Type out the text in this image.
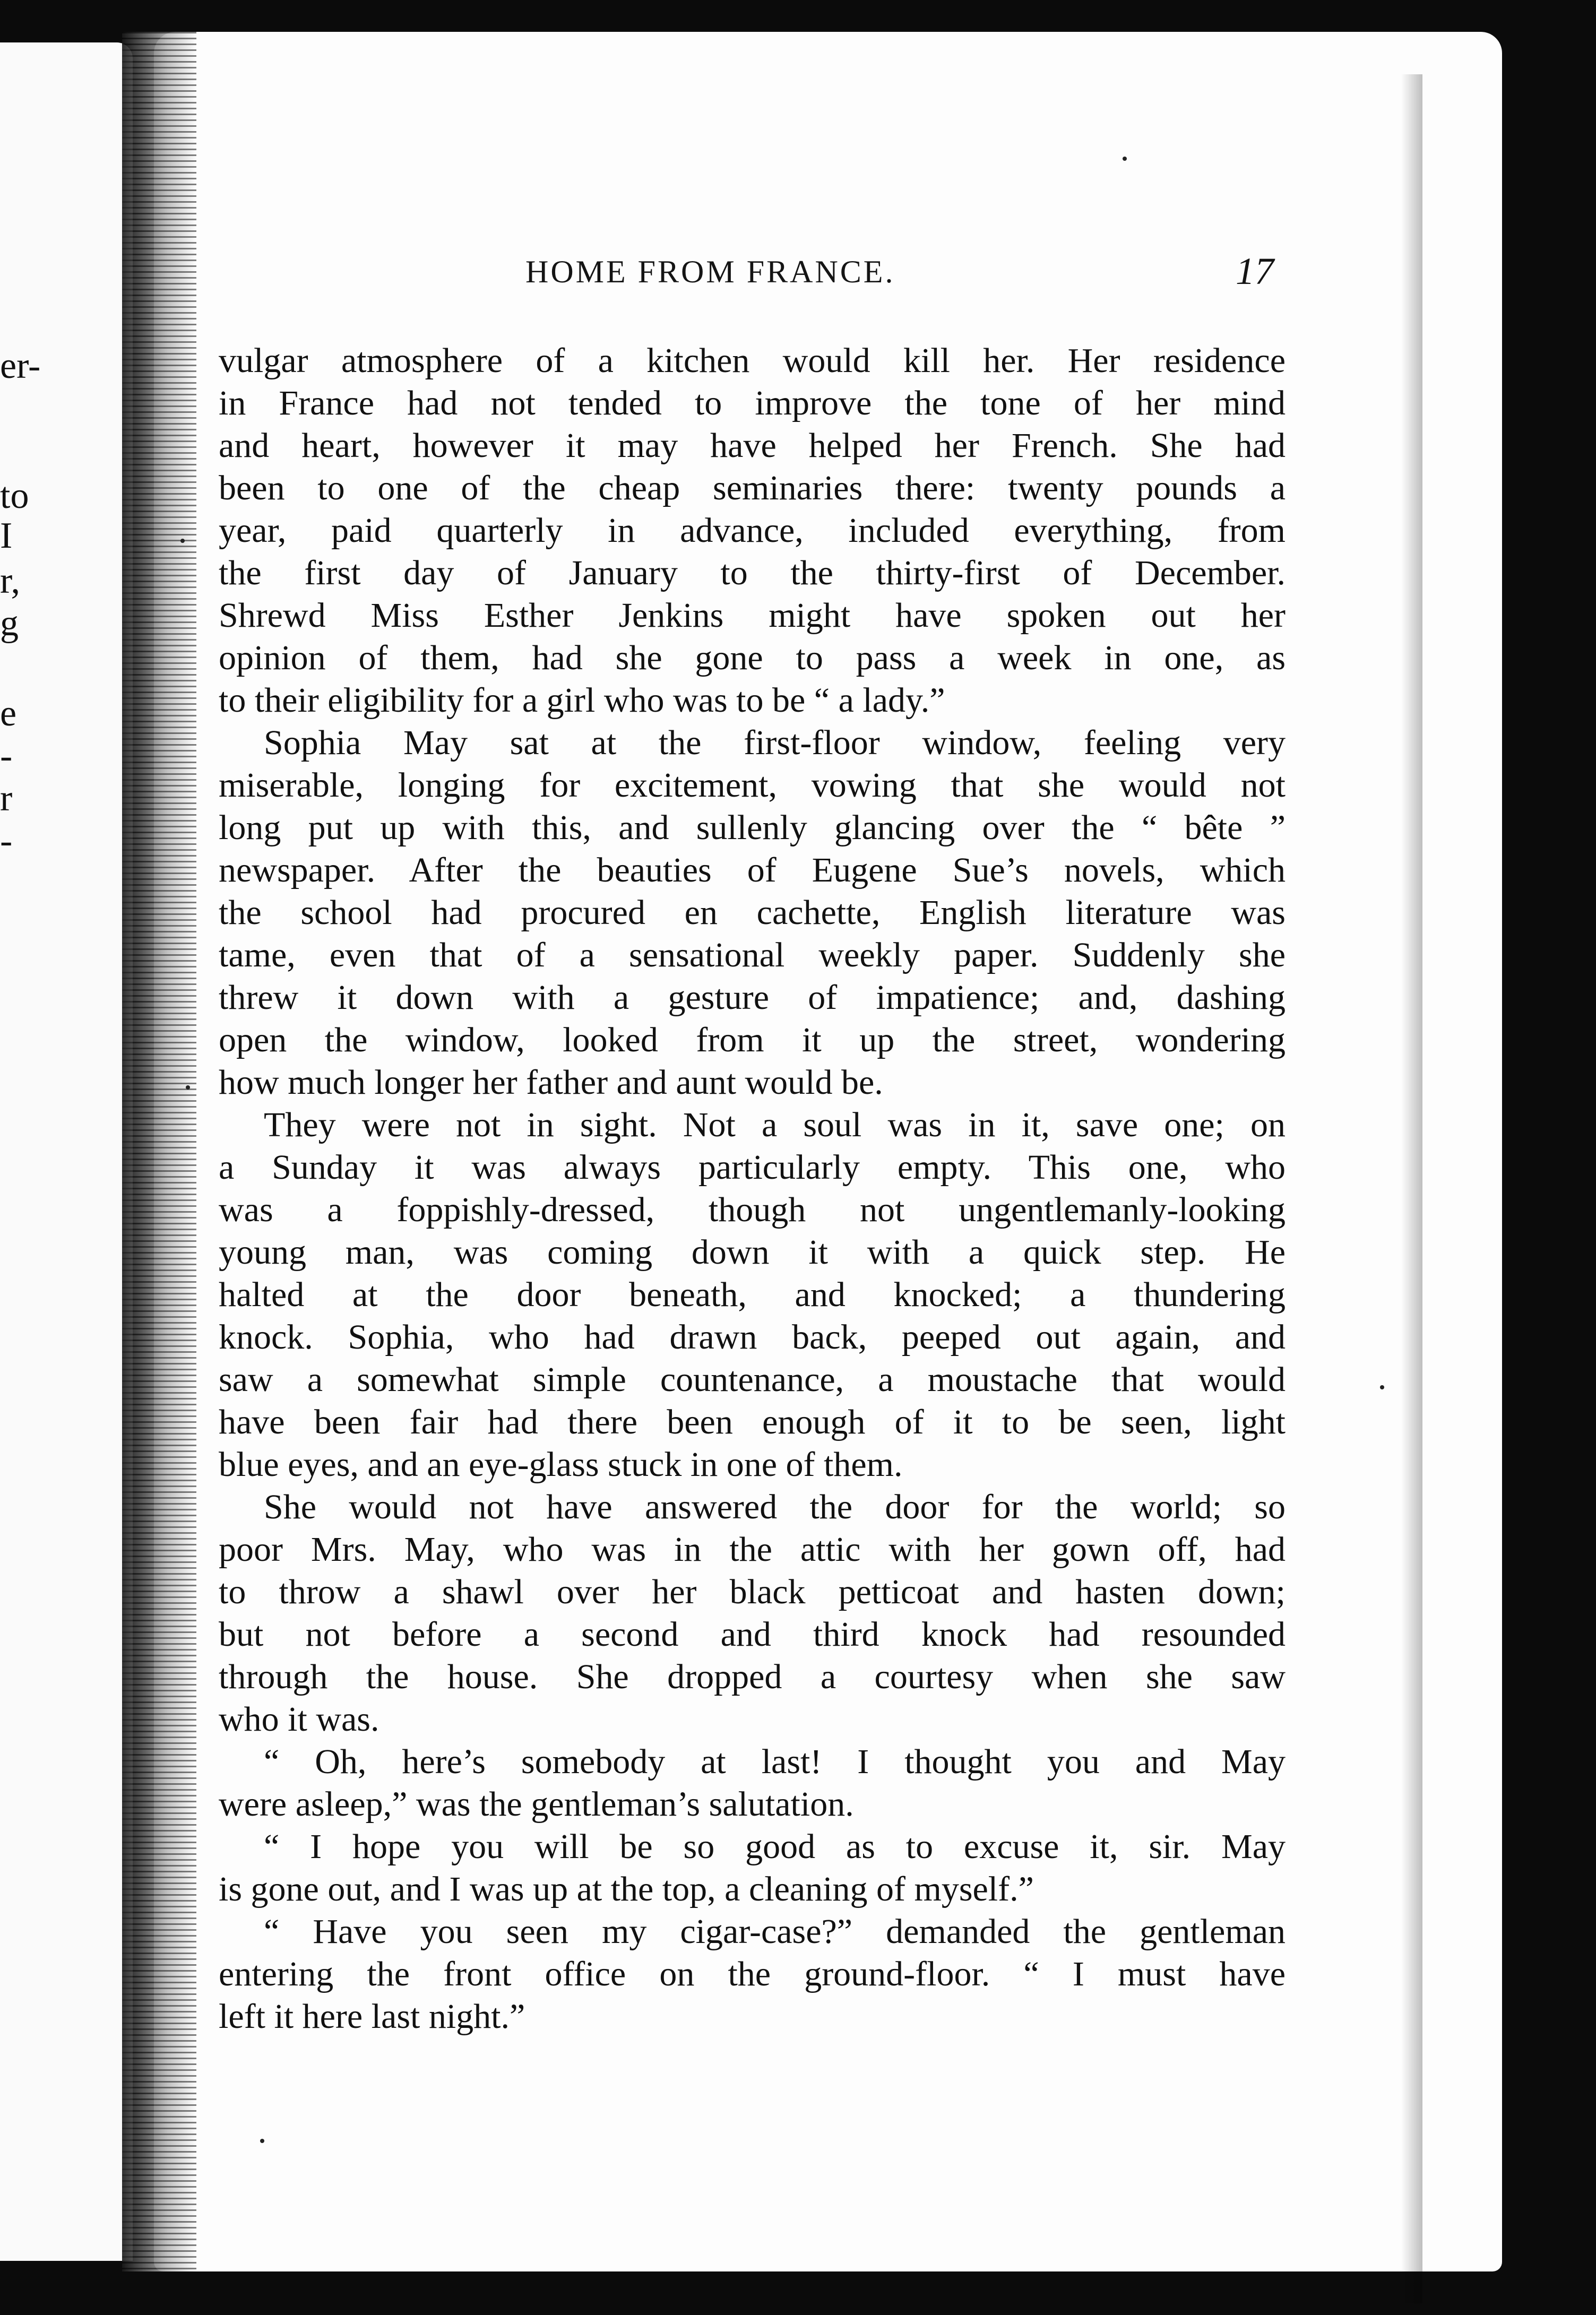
er-
to
I
r,
g
e
-
r
-
HOME FROM FRANCE.	17
vulgar atmosphere of a kitchen would kill her. Her residence
in France had not tended to improve the tone of her mind
and heart, however it may have helped her French. She had
been to one of the cheap seminaries there: twenty pounds a
year, paid quarterly in advance, included everything, from
the first day of January to the thirty-first of December.
Shrewd Miss Esther Jenkins might have spoken out her
opinion of them, had she gone to pass a week in one, as
to their eligibility for a girl who was to be “ a lady.”
Sophia May sat at the first-floor window, feeling very
miserable, longing for excitement, vowing that she would not
long put up with this, and sullenly glancing over the “ bête ”
newspaper. After the beauties of Eugene Sue’s novels, which
the school had procured en cachette, English literature was
tame, even that of a sensational weekly paper. Suddenly she
threw it down with a gesture of impatience; and, dashing
open the window, looked from it up the street, wondering
how much longer her father and aunt would be.
They were not in sight. Not a soul was in it, save one; on
a Sunday it was always particularly empty. This one, who
was a foppishly-dressed, though not ungentlemanly-looking
young man, was coming down it with a quick step. He
halted at the door beneath, and knocked; a thundering
knock. Sophia, who had drawn back, peeped out again, and
saw a somewhat simple countenance, a moustache that would
have been fair had there been enough of it to be seen, light
blue eyes, and an eye-glass stuck in one of them.
She would not have answered the door for the world; so
poor Mrs. May, who was in the attic with her gown off, had
to throw a shawl over her black petticoat and hasten down;
but not before a second and third knock had resounded
through the house. She dropped a courtesy when she saw
who it was.
“ Oh, here’s somebody at last! I thought you and May
were asleep,” was the gentleman’s salutation.
“ I hope you will be so good as to excuse it, sir. May
is gone out, and I was up at the top, a cleaning of myself.”
“ Have you seen my cigar-case?” demanded the gentleman
entering the front office on the ground-floor. “ I must have
left it here last night.”
